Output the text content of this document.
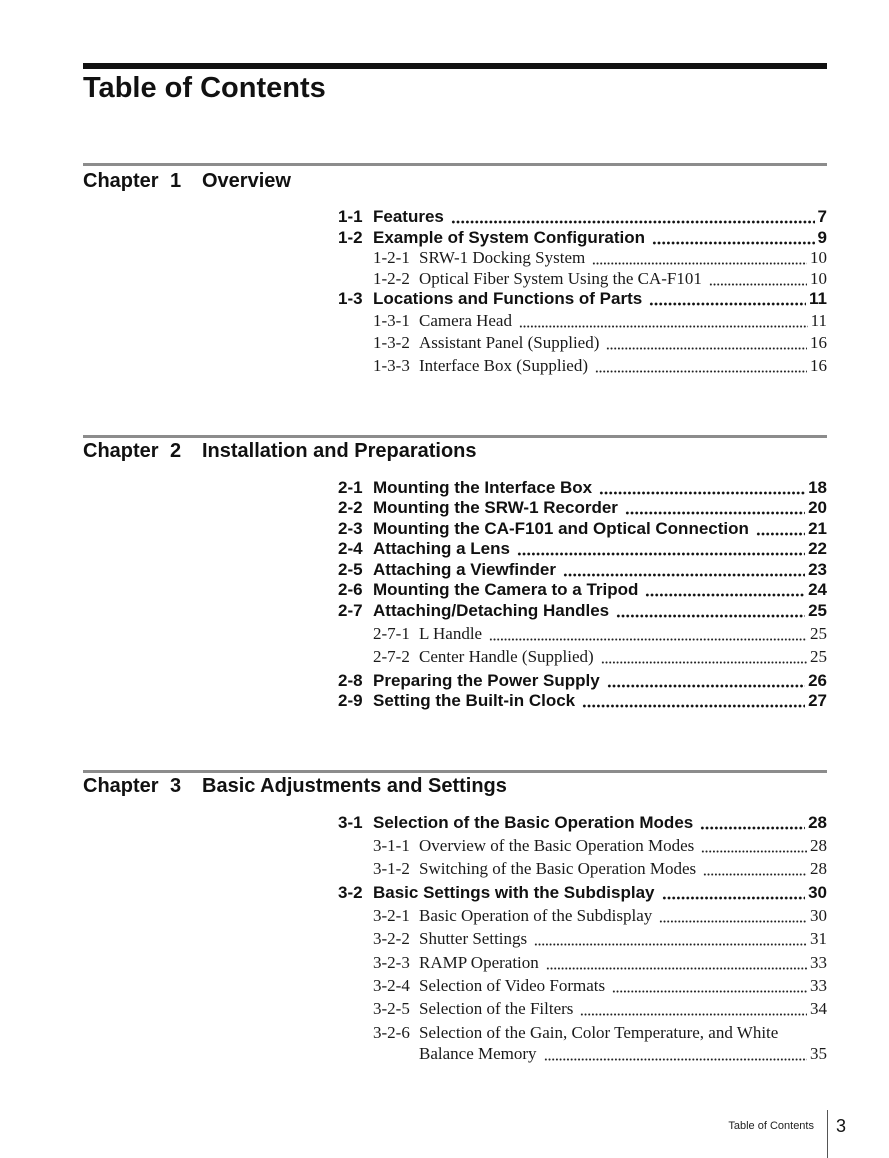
Table of Contents
Chapter 1 Overview
1-1 Features	7
1-2 Example of System Configuration	9
1-2-1 SRW-1 Docking System	10
1-2-2 Optical Fiber System Using the CA-F101	10
1-3 Locations and Functions of Parts	11
1-3-1 Camera Head	11
1-3-2 Assistant Panel (Supplied)	16
1-3-3 Interface Box (Supplied)	16
Chapter 2 Installation and Preparations
2-1 Mounting the Interface Box	18
2-2 Mounting the SRW-1 Recorder	20
2-3 Mounting the CA-F101 and Optical Connection	21
2-4 Attaching a Lens	22
2-5 Attaching a Viewfinder	23
2-6 Mounting the Camera to a Tripod	24
2-7 Attaching/Detaching Handles	25
2-7-1 L Handle	25
2-7-2 Center Handle (Supplied)	25
2-8 Preparing the Power Supply	26
2-9 Setting the Built-in Clock	27
Chapter 3 Basic Adjustments and Settings
3-1 Selection of the Basic Operation Modes	28
3-1-1 Overview of the Basic Operation Modes	28
3-1-2 Switching of the Basic Operation Modes	28
3-2 Basic Settings with the Subdisplay	30
3-2-1 Basic Operation of the Subdisplay	30
3-2-2 Shutter Settings	31
3-2-3 RAMP Operation	33
3-2-4 Selection of Video Formats	33
3-2-5 Selection of the Filters	34
3-2-6 Selection of the Gain, Color Temperature, and White
Balance Memory	35
Table of Contents 3
